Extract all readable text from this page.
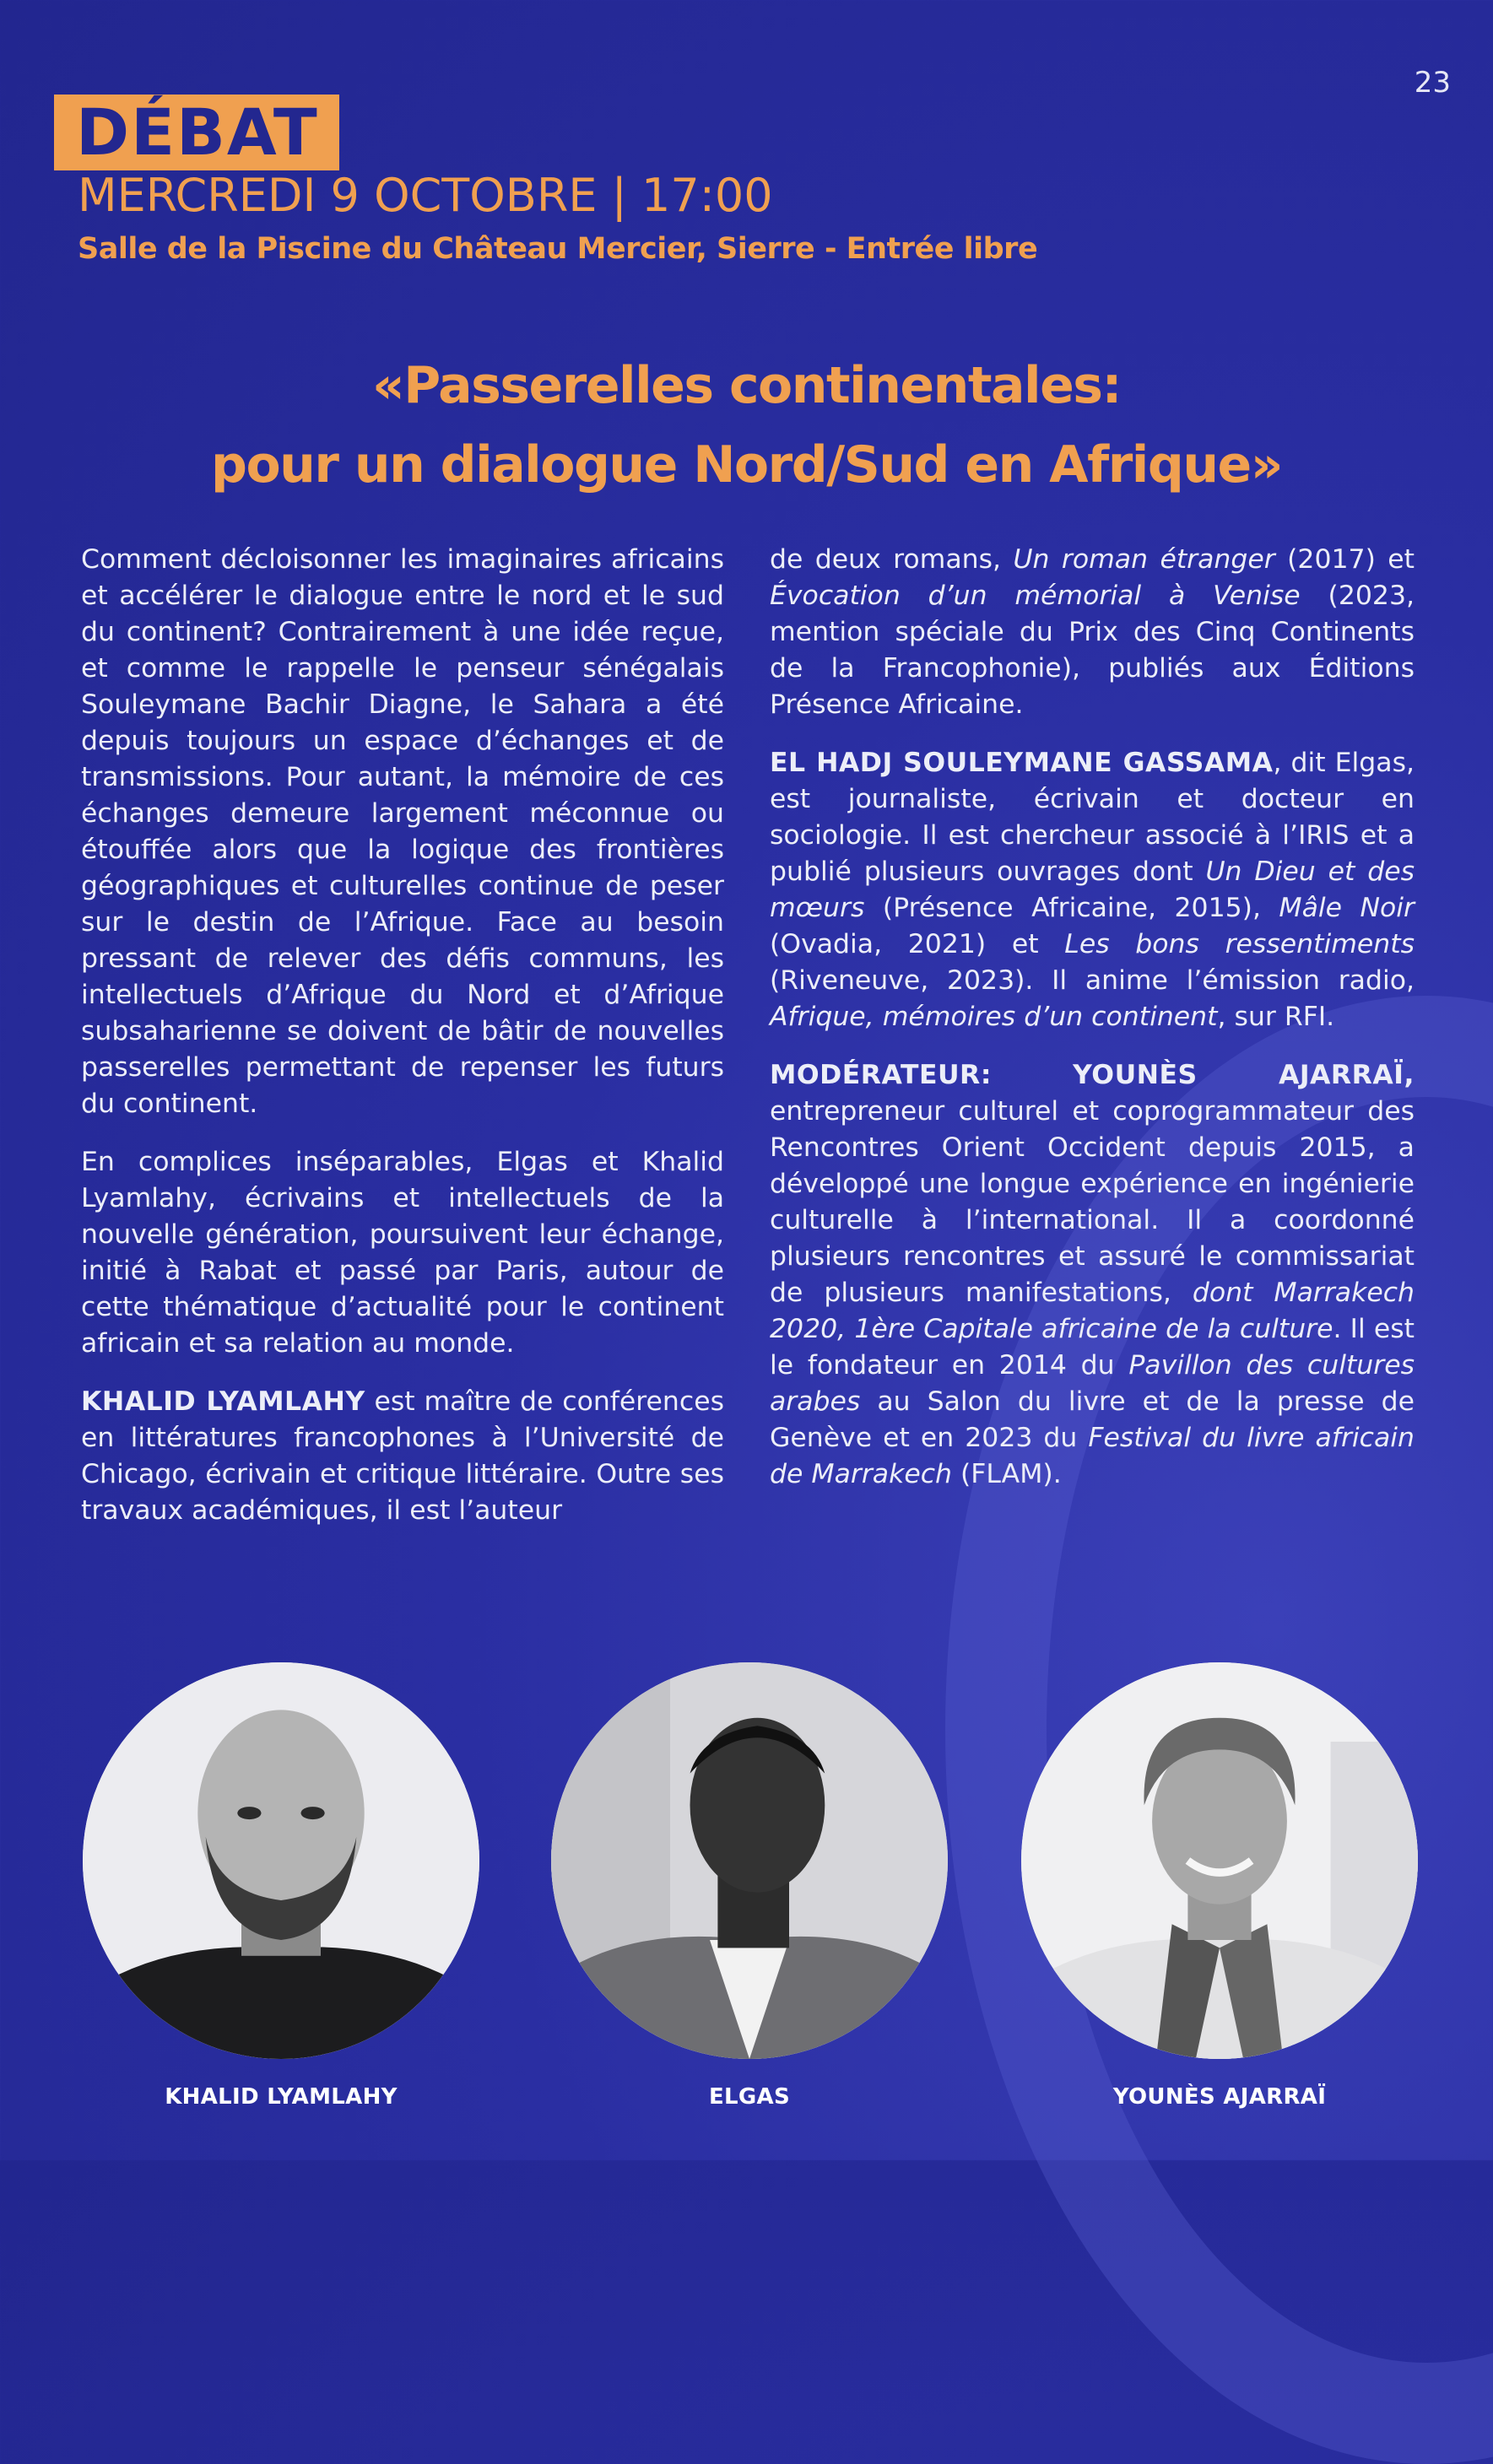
23
DÉBAT
MERCREDI 9 OCTOBRE | 17:00
Salle de la Piscine du Château Mercier, Sierre - Entrée libre
«Passerelles continentales:
pour un dialogue Nord/Sud en Afrique»

Comment décloisonner les imaginaires africains et accélérer le dialogue entre le nord et le sud du continent? Contrairement à une idée reçue, et comme le rappelle le penseur sénégalais Souleymane Bachir Diagne, le Sahara a été depuis toujours un espace d’échanges et de transmissions. Pour autant, la mémoire de ces échanges demeure largement méconnue ou étouffée alors que la logique des frontières géographiques et culturelles continue de peser sur le destin de l’Afrique. Face au besoin pressant de relever des défis communs, les intellectuels d’Afrique du Nord et d’Afrique subsaharienne se doivent de bâtir de nouvelles passerelles permettant de repenser les futurs du continent.

En complices inséparables, Elgas et Khalid Lyamlahy, écrivains et intellectuels de la nouvelle génération, poursuivent leur échange, initié à Rabat et passé par Paris, autour de cette thématique d’actualité pour le continent africain et sa relation au monde.

KHALID LYAMLAHY est maître de conférences en littératures francophones à l’Université de Chicago, écrivain et critique littéraire. Outre ses travaux académiques, il est l’auteur

de deux romans, Un roman étranger (2017) et Évocation d’un mémorial à Venise (2023, mention spéciale du Prix des Cinq Continents de la Francophonie), publiés aux Éditions Présence Africaine.

EL HADJ SOULEYMANE GASSAMA, dit Elgas, est journaliste, écrivain et docteur en sociologie. Il est chercheur associé à l’IRIS et a publié plusieurs ouvrages dont Un Dieu et des mœurs (Présence Africaine, 2015), Mâle Noir (Ovadia, 2021) et Les bons ressentiments (Riveneuve, 2023). Il anime l’émission radio, Afrique, mémoires d’un continent, sur RFI.

MODÉRATEUR: YOUNÈS AJARRAÏ, entrepreneur culturel et coprogrammateur des Rencontres Orient Occident depuis 2015, a développé une longue expérience en ingénierie culturelle à l’international. Il a coordonné plusieurs rencontres et assuré le commissariat de plusieurs manifestations, dont Marrakech 2020, 1ère Capitale africaine de la culture. Il est le fondateur en 2014 du Pavillon des cultures arabes au Salon du livre et de la presse de Genève et en 2023 du Festival du livre africain de Marrakech (FLAM).

KHALID LYAMLAHY	ELGAS	YOUNÈS AJARRAÏ
